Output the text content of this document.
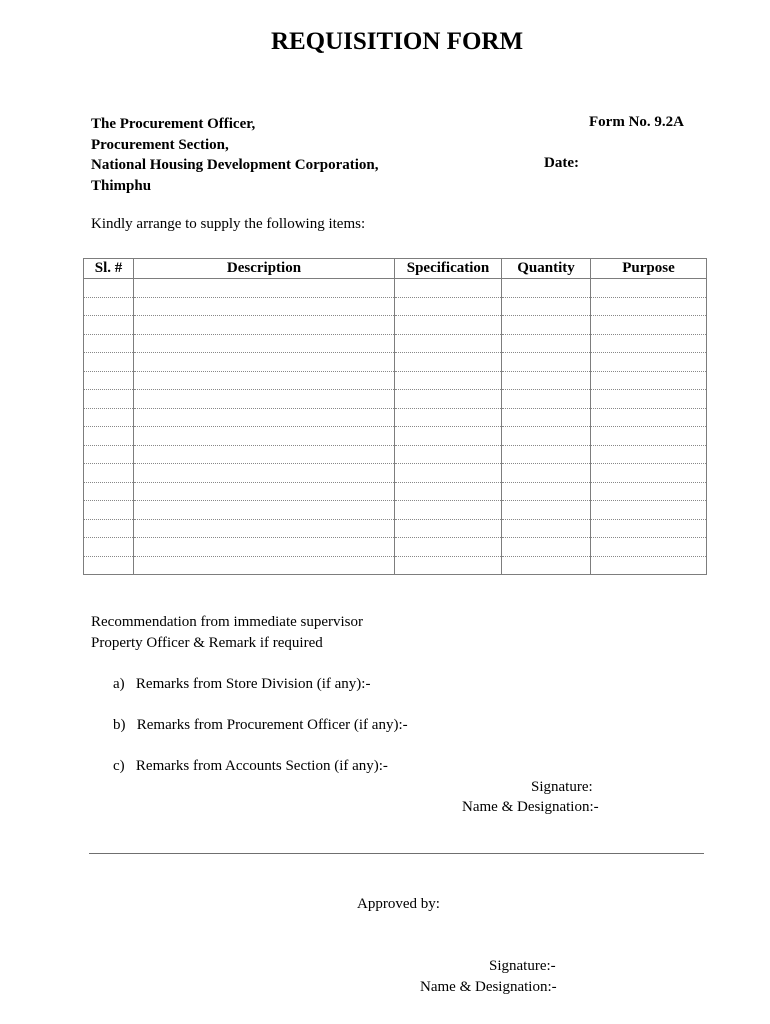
REQUISITION FORM
The Procurement Officer,
Procurement Section,
National Housing Development Corporation,
Thimphu
Form No. 9.2A
Date:
Kindly arrange to supply the following items:
Sl. #	Description	Specification	Quantity	Purpose

Recommendation from immediate supervisor
Property Officer & Remark if required
a)   Remarks from Store Division (if any):-
b)   Remarks from Procurement Officer (if any):-
c)   Remarks from Accounts Section (if any):-
Signature:
Name & Designation:-
Approved by:
Signature:-
Name & Designation:-
